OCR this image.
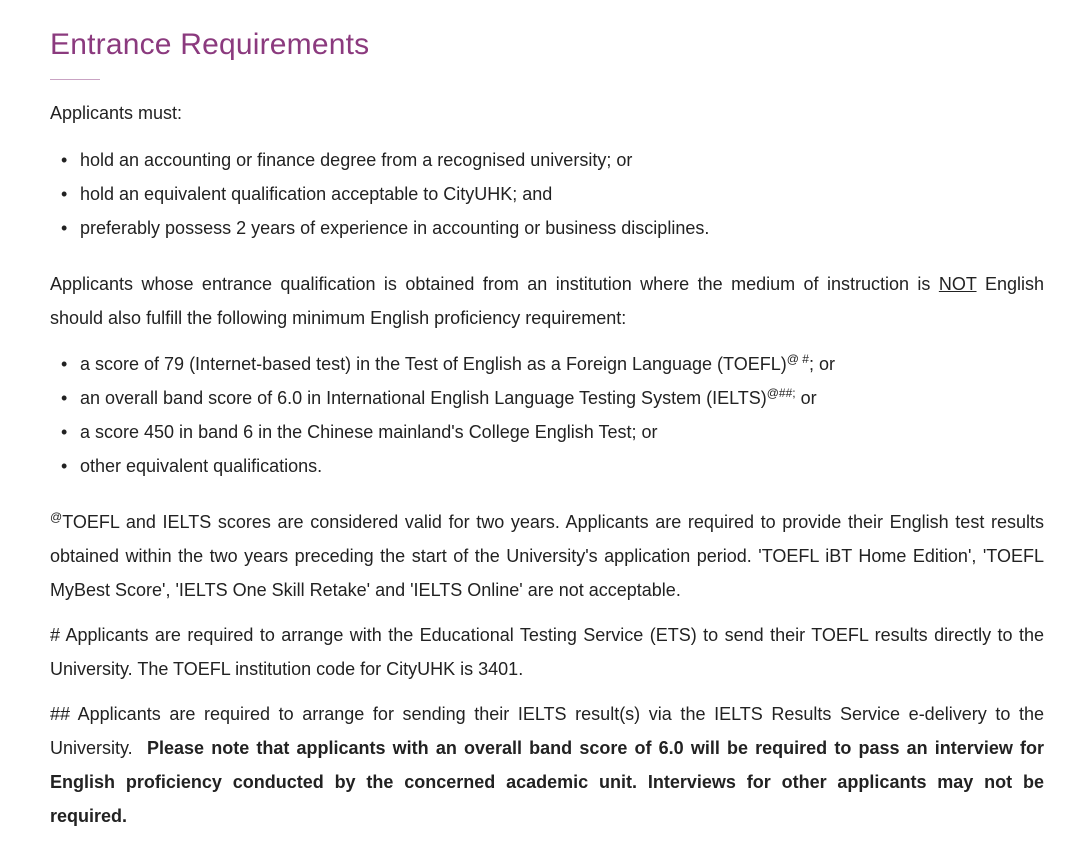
Entrance Requirements

Applicants must:

• hold an accounting or finance degree from a recognised university; or
• hold an equivalent qualification acceptable to CityUHK; and
• preferably possess 2 years of experience in accounting or business disciplines.

Applicants whose entrance qualification is obtained from an institution where the medium of instruction is NOT English should also fulfill the following minimum English proficiency requirement:

• a score of 79 (Internet-based test) in the Test of English as a Foreign Language (TOEFL)@ #; or
• an overall band score of 6.0 in International English Language Testing System (IELTS)@##; or
• a score 450 in band 6 in the Chinese mainland's College English Test; or
• other equivalent qualifications.

@TOEFL and IELTS scores are considered valid for two years. Applicants are required to provide their English test results obtained within the two years preceding the start of the University's application period. 'TOEFL iBT Home Edition', 'TOEFL MyBest Score', 'IELTS One Skill Retake' and 'IELTS Online' are not acceptable.

# Applicants are required to arrange with the Educational Testing Service (ETS) to send their TOEFL results directly to the University. The TOEFL institution code for CityUHK is 3401.

## Applicants are required to arrange for sending their IELTS result(s) via the IELTS Results Service e-delivery to the University. Please note that applicants with an overall band score of 6.0 will be required to pass an interview for English proficiency conducted by the concerned academic unit. Interviews for other applicants may not be required.
